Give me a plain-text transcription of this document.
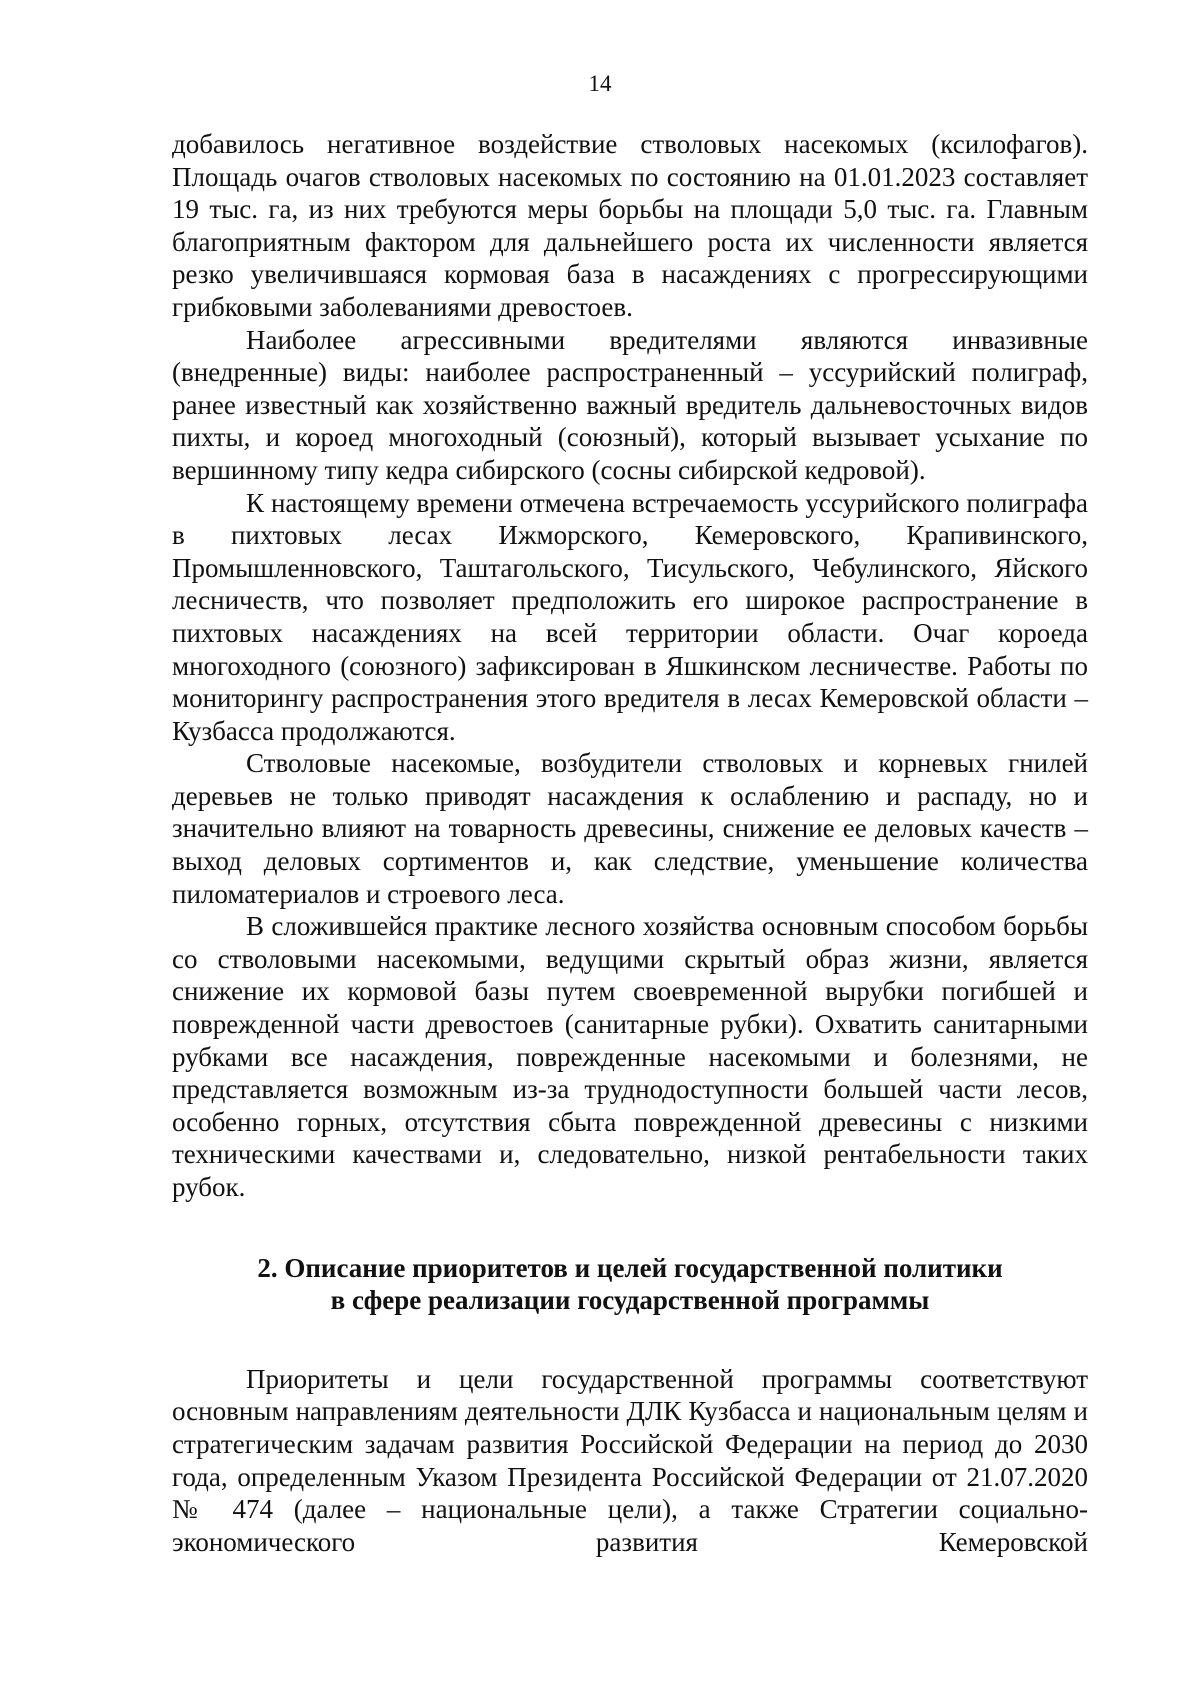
14

добавилось негативное воздействие стволовых насекомых (ксилофагов). Площадь очагов стволовых насекомых по состоянию на 01.01.2023 составляет 19 тыс. га, из них требуются меры борьбы на площади 5,0 тыс. га. Главным благоприятным фактором для дальнейшего роста их численности является резко увеличившаяся кормовая база в насаждениях с прогрессирующими грибковыми заболеваниями древостоев.

Наиболее агрессивными вредителями являются инвазивные (внедренные) виды: наиболее распространенный – уссурийский полиграф, ранее известный как хозяйственно важный вредитель дальневосточных видов пихты, и короед многоходный (союзный), который вызывает усыхание по вершинному типу кедра сибирского (сосны сибирской кедровой).

К настоящему времени отмечена встречаемость уссурийского полиграфа в пихтовых лесах Ижморского, Кемеровского, Крапивинского, Промышленновского, Таштагольского, Тисульского, Чебулинского, Яйского лесничеств, что позволяет предположить его широкое распространение в пихтовых насаждениях на всей территории области. Очаг короеда многоходного (союзного) зафиксирован в Яшкинском лесничестве. Работы по мониторингу распространения этого вредителя в лесах Кемеровской области – Кузбасса продолжаются.

Стволовые насекомые, возбудители стволовых и корневых гнилей деревьев не только приводят насаждения к ослаблению и распаду, но и значительно влияют на товарность древесины, снижение ее деловых качеств – выход деловых сортиментов и, как следствие, уменьшение количества пиломатериалов и строевого леса.

В сложившейся практике лесного хозяйства основным способом борьбы со стволовыми насекомыми, ведущими скрытый образ жизни, является снижение их кормовой базы путем своевременной вырубки погибшей и поврежденной части древостоев (санитарные рубки). Охватить санитарными рубками все насаждения, поврежденные насекомыми и болезнями, не представляется возможным из-за труднодоступности большей части лесов, особенно горных, отсутствия сбыта поврежденной древесины с низкими техническими качествами и, следовательно, низкой рентабельности таких рубок.

2. Описание приоритетов и целей государственной политики
в сфере реализации государственной программы

Приоритеты и цели государственной программы соответствуют основным направлениям деятельности ДЛК Кузбасса и национальным целям и стратегическим задачам развития Российской Федерации на период до 2030 года, определенным Указом Президента Российской Федерации от 21.07.2020 № 474 (далее – национальные цели), а также Стратегии социально-экономического развития Кемеровской
